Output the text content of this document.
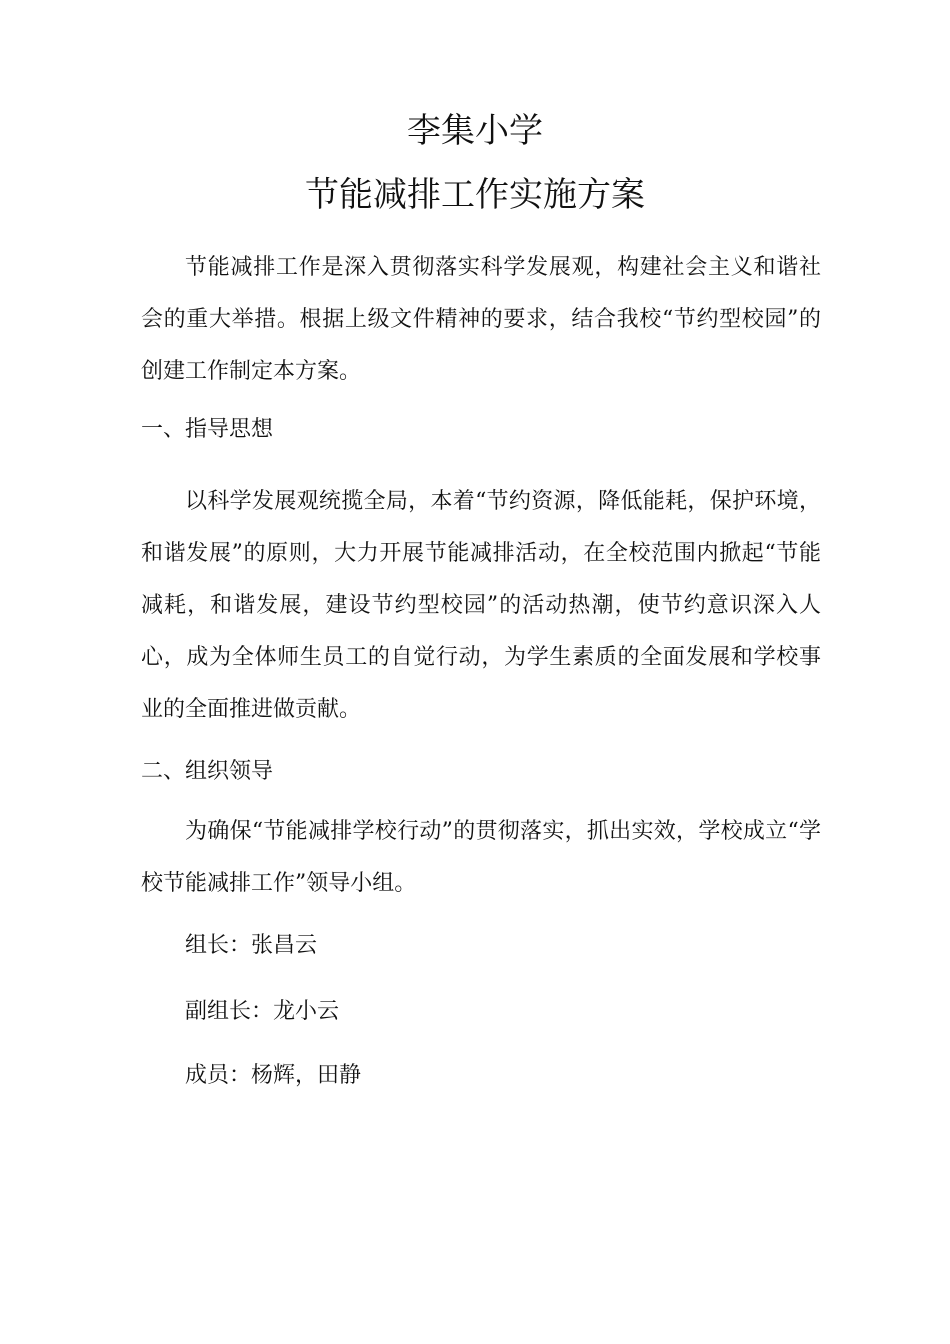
李集小学
节能减排工作实施方案
节能减排工作是深入贯彻落实科学发展观，构建社会主义和谐社会的重大举措。根据上级文件精神的要求，结合我校“节约型校园”的创建工作制定本方案。
一、指导思想
以科学发展观统揽全局，本着“节约资源，降低能耗，保护环境，和谐发展”的原则，大力开展节能减排活动，在全校范围内掀起“节能减耗，和谐发展，建设节约型校园”的活动热潮，使节约意识深入人心，成为全体师生员工的自觉行动，为学生素质的全面发展和学校事业的全面推进做贡献。
二、组织领导
为确保“节能减排学校行动”的贯彻落实，抓出实效，学校成立“学校节能减排工作”领导小组。
组长：张昌云
副组长：龙小云
成员：杨辉，田静
